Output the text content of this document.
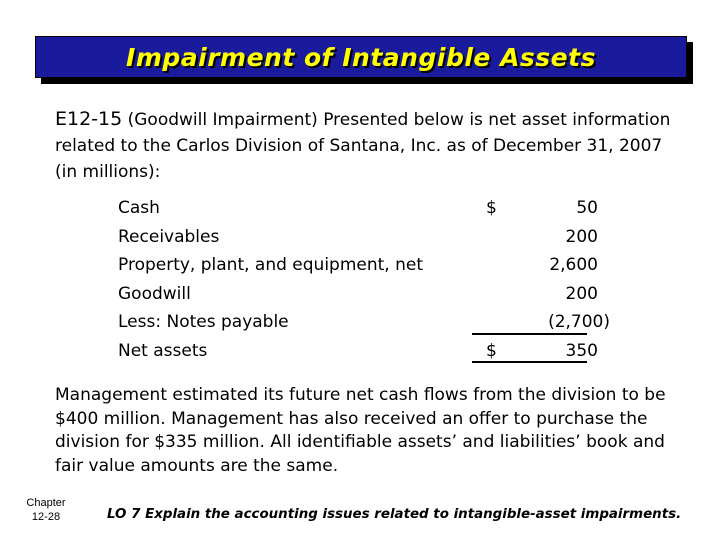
Impairment of Intangible Assets
E12-15 (Goodwill Impairment) Presented below is net asset information related to the Carlos Division of Santana, Inc. as of December 31, 2007 (in millions):
Cash	$	50
Receivables	200
Property, plant, and equipment, net	2,600
Goodwill	200
Less: Notes payable	(2,700)
Net assets	$	350
Management estimated its future net cash flows from the division to be $400 million. Management has also received an offer to purchase the division for $335 million. All identifiable assets’ and liabilities’ book and fair value amounts are the same.
Chapter
12-28	LO 7 Explain the accounting issues related to intangible-asset impairments.
